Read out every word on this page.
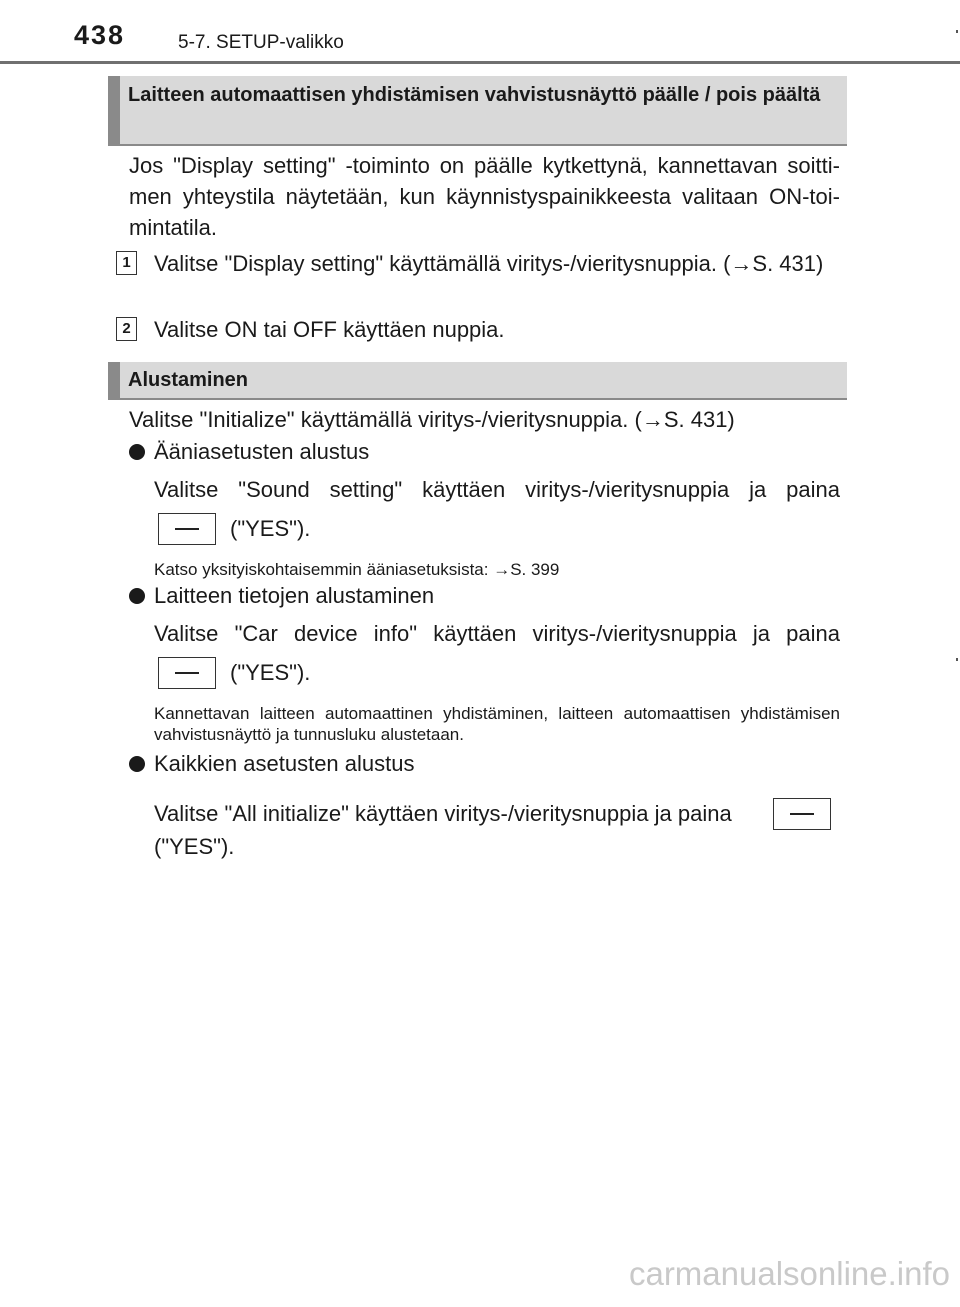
438	5-7. SETUP-valikko
Laitteen automaattisen yhdistämisen vahvistusnäyttö päälle / pois päältä

Jos "Display setting" -toiminto on päälle kytkettynä, kannettavan soitti-men yhteystila näytetään, kun käynnistyspainikkeesta valitaan ON-toi-mintatila.

1 Valitse "Display setting" käyttämällä viritys-/vieritysnuppia. (→S. 431)
2 Valitse ON tai OFF käyttäen nuppia.
Alustaminen

Valitse "Initialize" käyttämällä viritys-/vieritysnuppia. (→S. 431)

Ääniasetusten alustus
Valitse "Sound setting" käyttäen viritys-/vieritysnuppia ja paina
("YES").
Katso yksityiskohtaisemmin ääniasetuksista: →S. 399
Laitteen tietojen alustaminen
Valitse "Car device info" käyttäen viritys-/vieritysnuppia ja paina
("YES").
Kannettavan laitteen automaattinen yhdistäminen, laitteen automaattisen yhdistämisen vahvistusnäyttö ja tunnusluku alustetaan.
Kaikkien asetusten alustus
Valitse "All initialize" käyttäen viritys-/vieritysnuppia ja paina
("YES").
carmanualsonline.info
